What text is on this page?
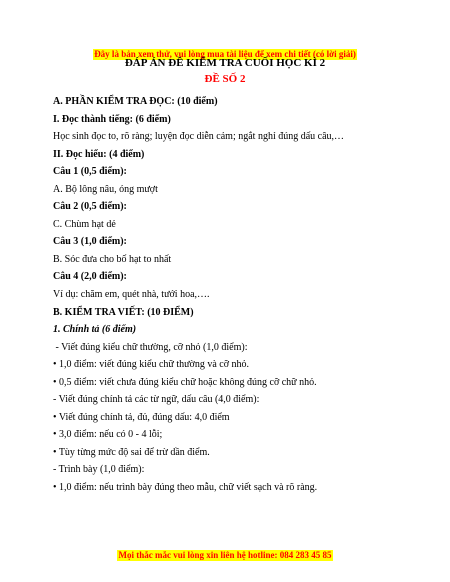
Đây là bản xem thử, vui lòng mua tài liệu để xem chi tiết (có lời giải)
ĐÁP ÁN ĐỀ KIỂM TRA CUỐI HỌC KÌ 2
ĐỀ SỐ 2
A. PHẦN KIỂM TRA ĐỌC: (10 điểm)
I. Đọc thành tiếng: (6 điểm)
Học sinh đọc to, rõ ràng; luyện đọc diễn cảm; ngắt nghỉ đúng dấu câu,…
II. Đọc hiểu: (4 điểm)
Câu 1 (0,5 điểm):
A. Bộ lông nâu, óng mượt
Câu 2 (0,5 điểm):
C. Chùm hạt dẻ
Câu 3 (1,0 điểm):
B. Sóc đưa cho bố hạt to nhất
Câu 4 (2,0 điểm):
Ví dụ: chăm em, quét nhà, tưới hoa,….
B. KIỂM TRA VIẾT: (10 ĐIỂM)
1. Chính tả (6 điểm)
- Viết đúng kiểu chữ thường, cỡ nhỏ (1,0 điểm):
• 1,0 điểm: viết đúng kiểu chữ thường và cỡ nhỏ.
• 0,5 điểm: viết chưa đúng kiểu chữ hoặc không đúng cỡ chữ nhỏ.
- Viết đúng chính tả các từ ngữ, dấu câu (4,0 điểm):
• Viết đúng chính tả, đủ, đúng dấu: 4,0 điểm
• 3,0 điểm: nếu có 0 - 4 lỗi;
• Tùy từng mức độ sai để trừ dần điểm.
- Trình bày (1,0 điểm):
• 1,0 điểm: nếu trình bày đúng theo mẫu, chữ viết sạch và rõ ràng.
Mọi thắc mắc vui lòng xin liên hệ hotline: 084 283 45 85
